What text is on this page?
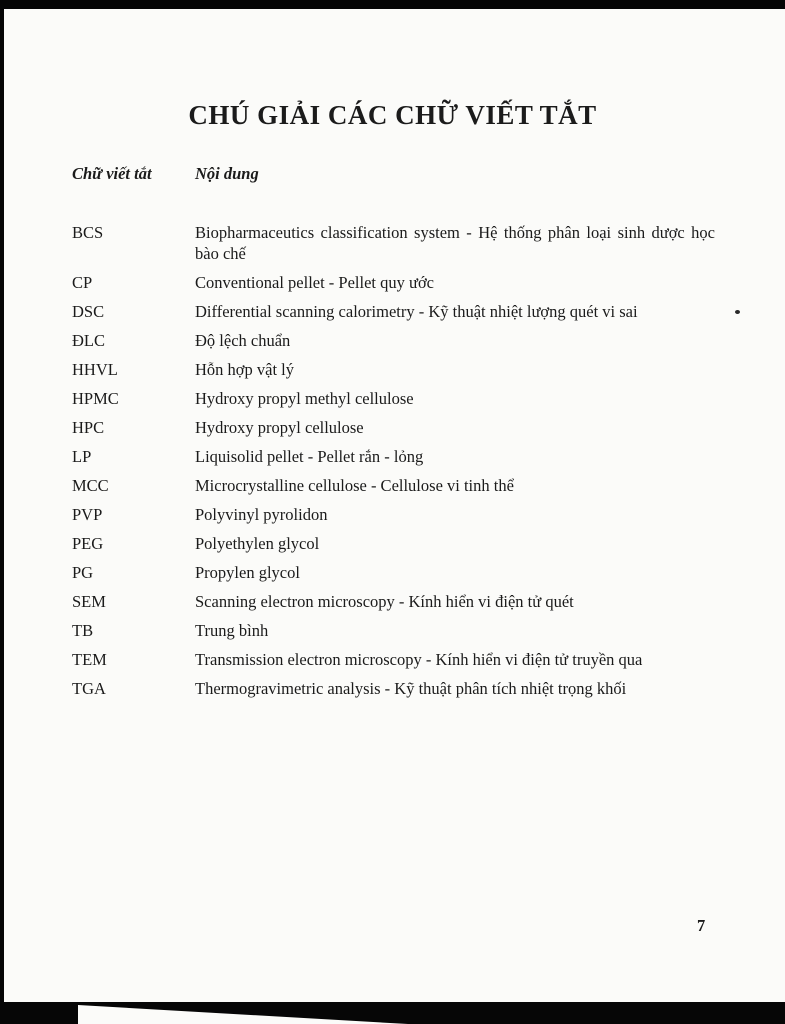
CHÚ GIẢI CÁC CHỮ VIẾT TẮT
Chữ viết tắt	Nội dung
BCS	Biopharmaceutics classification system - Hệ thống phân loại sinh dược học bào chế
CP	Conventional pellet - Pellet quy ước
DSC	Differential scanning calorimetry - Kỹ thuật nhiệt lượng quét vi sai
ĐLC	Độ lệch chuẩn
HHVL	Hỗn hợp vật lý
HPMC	Hydroxy propyl methyl cellulose
HPC	Hydroxy propyl cellulose
LP	Liquisolid pellet - Pellet rắn - lỏng
MCC	Microcrystalline cellulose - Cellulose vi tinh thể
PVP	Polyvinyl pyrolidon
PEG	Polyethylen glycol
PG	Propylen glycol
SEM	Scanning electron microscopy - Kính hiển vi điện tử quét
TB	Trung bình
TEM	Transmission electron microscopy - Kính hiển vi điện tử truyền qua
TGA	Thermogravimetric analysis - Kỹ thuật phân tích nhiệt trọng khối
7
